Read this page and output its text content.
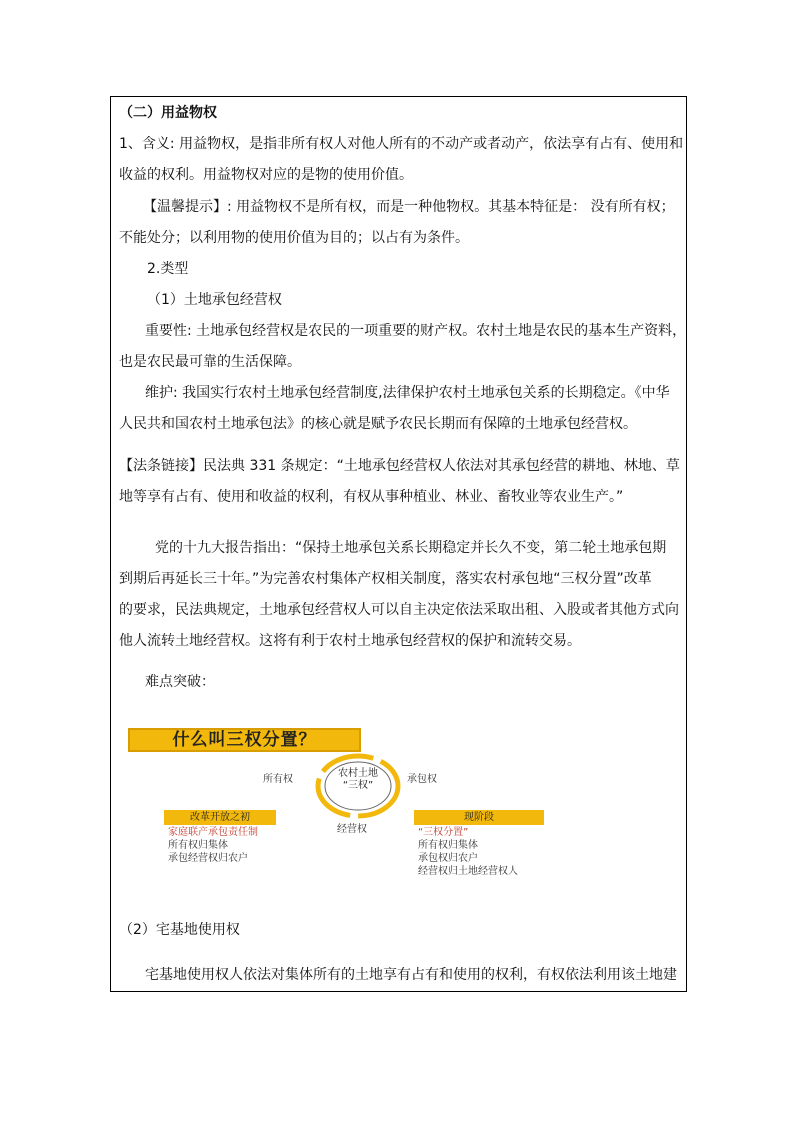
（二）用益物权
1、含义: 用益物权，是指非所有权人对他人所有的不动产或者动产，依法享有占有、使用和
收益的权利。用益物权对应的是物的使用价值。
【温馨提示】: 用益物权不是所有权，而是一种他物权。其基本特征是： 没有所有权；
不能处分；以利用物的使用价值为目的；以占有为条件。
2.类型
（1）土地承包经营权
重要性: 土地承包经营权是农民的一项重要的财产权。农村土地是农民的基本生产资料，
也是农民最可靠的生活保障。
维护: 我国实行农村土地承包经营制度,法律保护农村土地承包关系的长期稳定。《中华
人民共和国农村土地承包法》的核心就是赋予农民长期而有保障的土地承包经营权。
【法条链接】民法典 331 条规定：“土地承包经营权人依法对其承包经营的耕地、林地、草
地等享有占有、使用和收益的权利，有权从事种植业、林业、畜牧业等农业生产。”
党的十九大报告指出：“保持土地承包关系长期稳定并长久不变，第二轮土地承包期
到期后再延长三十年。”为完善农村集体产权相关制度，落实农村承包地“三权分置”改革
的要求，民法典规定，土地承包经营权人可以自主决定依法采取出租、入股或者其他方式向
他人流转土地经营权。这将有利于农村土地承包经营权的保护和流转交易。
难点突破：
什么叫三权分置？
农村土地
“三权”
所有权	承包权
经营权
改革开放之初
家庭联产承包责任制
所有权归集体
承包经营权归农户
现阶段
“三权分置”
所有权归集体
承包权归农户
经营权归土地经营权人
（2）宅基地使用权
宅基地使用权人依法对集体所有的土地享有占有和使用的权利，有权依法利用该土地建
